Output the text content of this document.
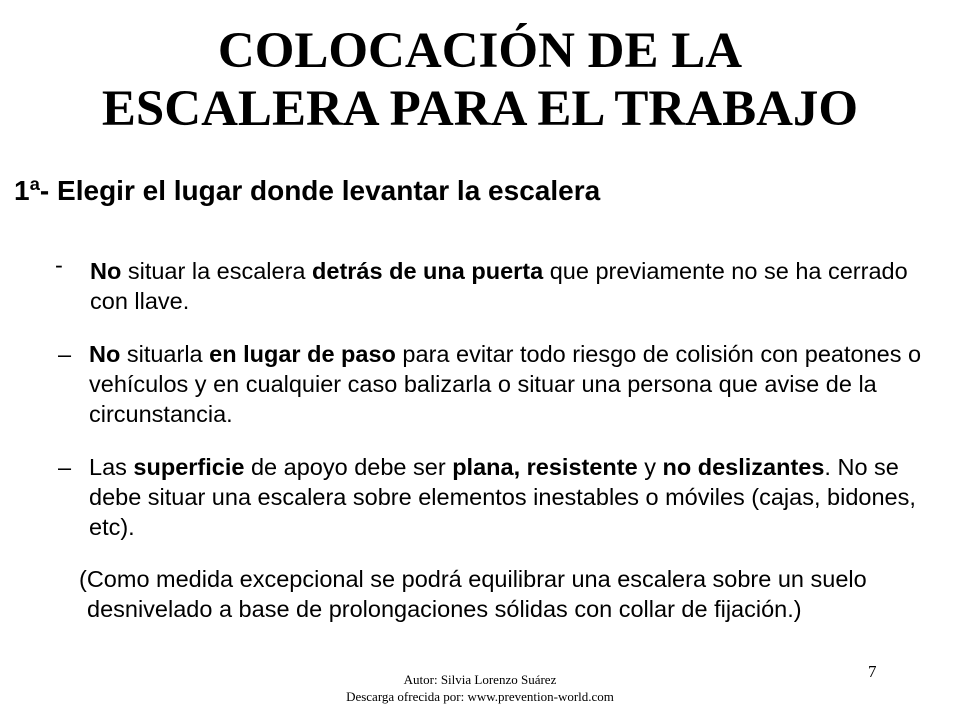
COLOCACIÓN DE LA
ESCALERA PARA EL TRABAJO
1ª- Elegir el lugar donde levantar la escalera
-	No situar la escalera detrás de una puerta que previamente no se ha cerrado con llave.
– No situarla en lugar de paso para evitar todo riesgo de colisión con peatones o vehículos y en cualquier caso balizarla o situar una persona que avise de la circunstancia.
– Las superficie de apoyo debe ser plana, resistente y no deslizantes. No se debe situar una escalera sobre elementos inestables o móviles (cajas, bidones, etc).

(Como medida excepcional se podrá equilibrar una escalera sobre un suelo desnivelado a base de prolongaciones sólidas con collar de fijación.)

Autor: Silvia Lorenzo Suárez
Descarga ofrecida por: www.prevention-world.com
7
